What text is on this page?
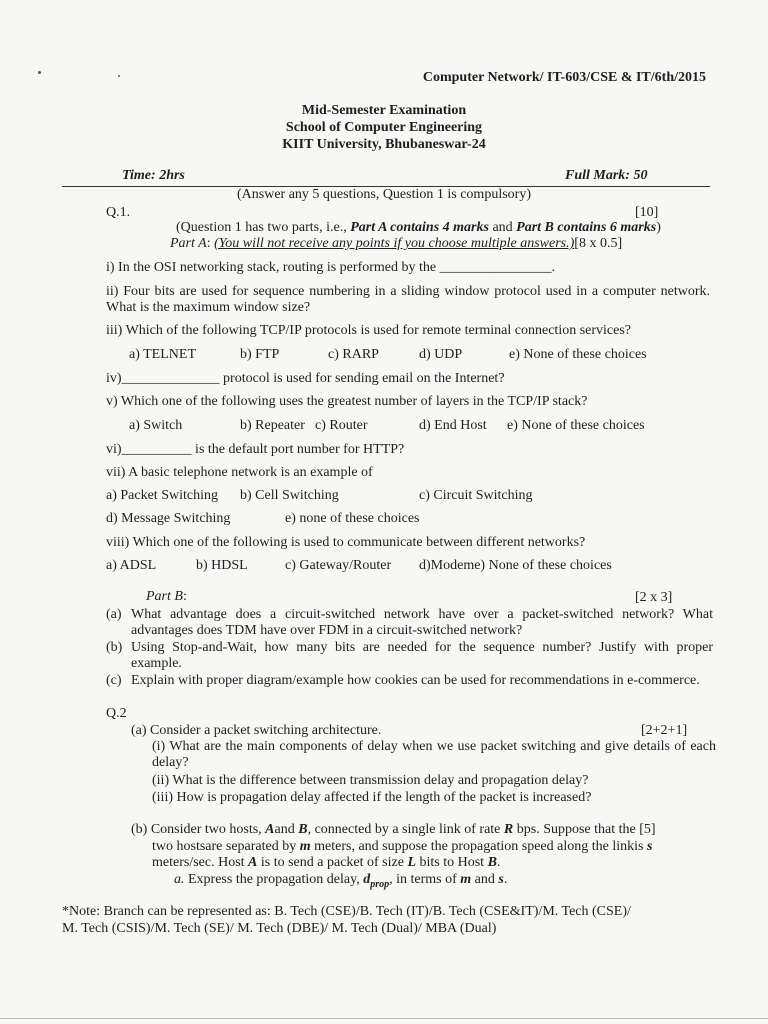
Computer Network/ IT-603/CSE & IT/6th/2015
Mid-Semester Examination
School of Computer Engineering
KIIT University, Bhubaneswar-24
Time: 2hrs	Full Mark: 50
(Answer any 5 questions, Question 1 is compulsory)
Q.1.	[10]
(Question 1 has two parts, i.e., Part A contains 4 marks and Part B contains 6 marks)
Part A: (You will not receive any points if you choose multiple answers.)[8 x 0.5]
i) In the OSI networking stack, routing is performed by the ________________.
ii) Four bits are used for sequence numbering in a sliding window protocol used in a computer network. What is the maximum window size?
iii) Which of the following TCP/IP protocols is used for remote terminal connection services?
a) TELNET	b) FTP	c) RARP	d) UDP	e) None of these choices
iv)______________ protocol is used for sending email on the Internet?
v) Which one of the following uses the greatest number of layers in the TCP/IP stack?
a) Switch	b) Repeater c) Router	d) End Host e) None of these choices
vi)__________ is the default port number for HTTP?
vii) A basic telephone network is an example of
a) Packet Switching b) Cell Switching	c) Circuit Switching
d) Message Switching	e) none of these choices
viii) Which one of the following is used to communicate between different networks?
a) ADSL	b) HDSL	c) Gateway/Router d)Modeme) None of these choices
Part B:	[2 x 3]
(a) What advantage does a circuit-switched network have over a packet-switched network? What advantages does TDM have over FDM in a circuit-switched network?
(b) Using Stop-and-Wait, how many bits are needed for the sequence number? Justify with proper example.
(c) Explain with proper diagram/example how cookies can be used for recommendations in e-commerce.
Q.2
(a) Consider a packet switching architecture.	[2+2+1]
(i) What are the main components of delay when we use packet switching and give details of each delay?
(ii) What is the difference between transmission delay and propagation delay?
(iii) How is propagation delay affected if the length of the packet is increased?
(b) Consider two hosts, Aand B, connected by a single link of rate R bps. Suppose that the [5]
two hostsare separated by m meters, and suppose the propagation speed along the linkis s
meters/sec. Host A is to send a packet of size L bits to Host B.
a. Express the propagation delay, $d_{prop}$, in terms of m and s.
*Note: Branch can be represented as: B. Tech (CSE)/B. Tech (IT)/B. Tech (CSE&IT)/M. Tech (CSE)/
M. Tech (CSIS)/M. Tech (SE)/ M. Tech (DBE)/ M. Tech (Dual)/ MBA (Dual)
